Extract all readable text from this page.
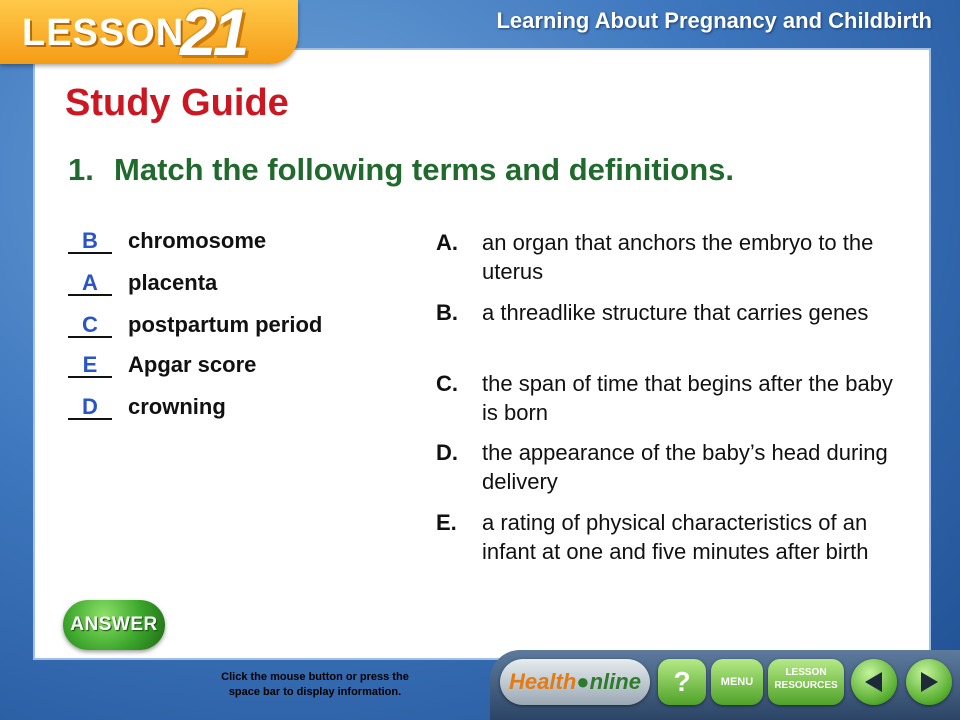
LESSON
21	Learning About Pregnancy and Childbirth
Study Guide
1. Match the following terms and definitions.
B chromosome
A placenta
C postpartum period
E Apgar score
D crowning
A. an organ that anchors the embryo to the uterus
B. a threadlike structure that carries genes
C. the span of time that begins after the baby is born
D. the appearance of the baby’s head during delivery
E. a rating of physical characteristics of an infant at one and five minutes after birth
ANSWER
Click the mouse button or press the
space bar to display information.	Health●nline	?	MENU
LESSON
RESOURCES
